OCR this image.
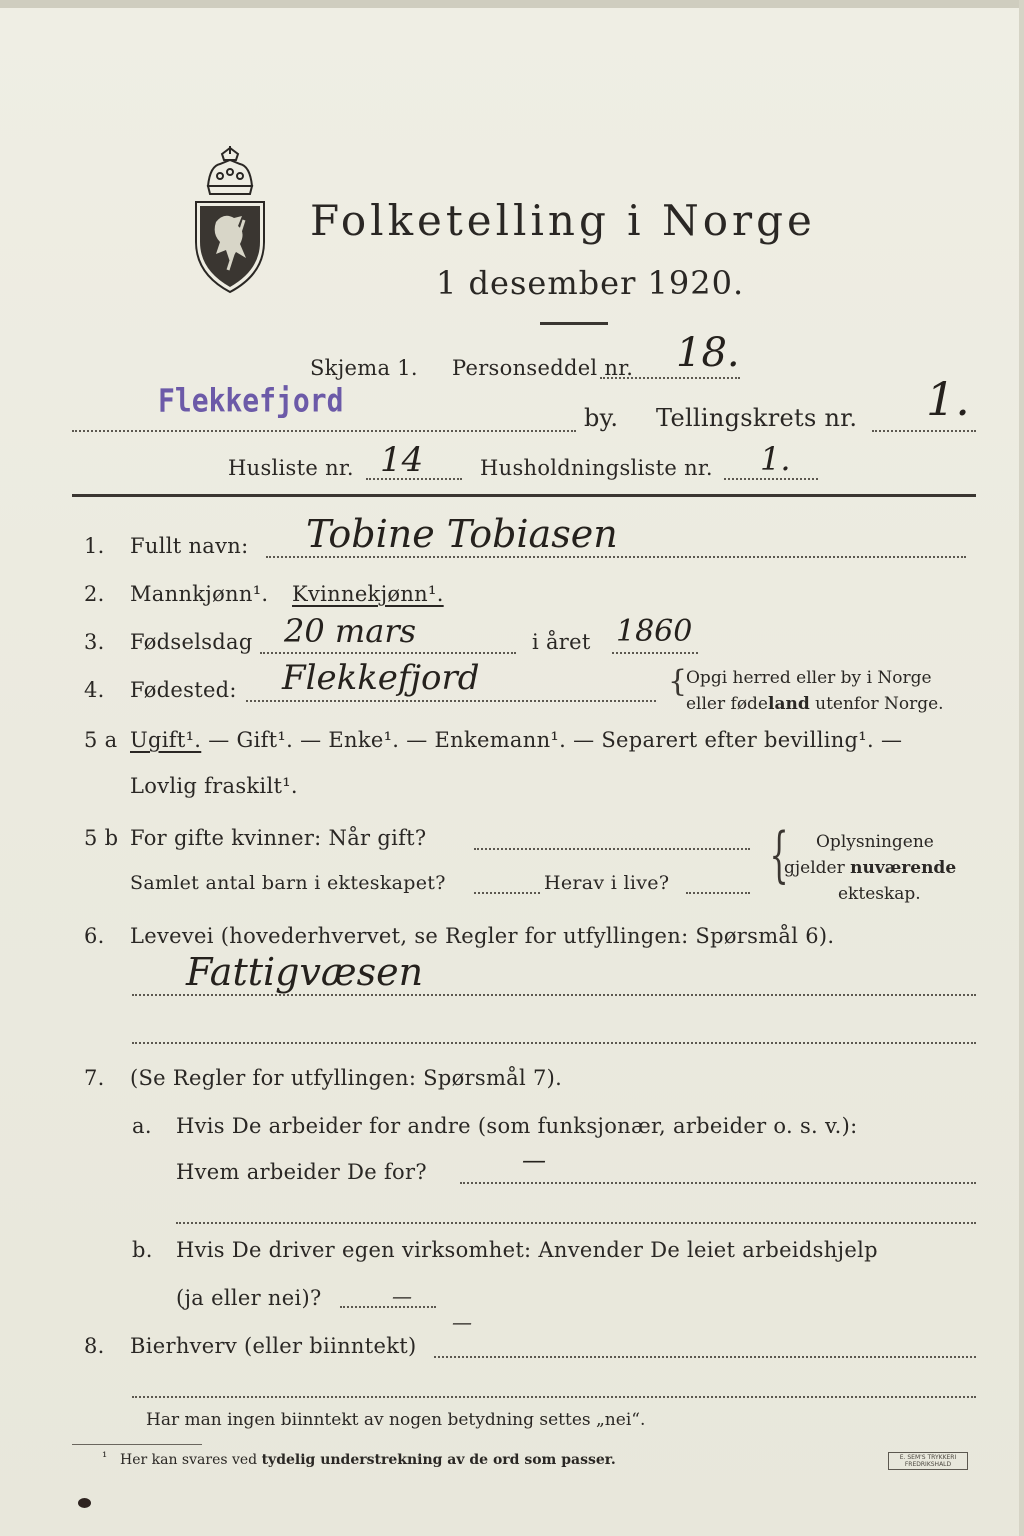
Folketelling i Norge
1 desember 1920.
Skjema 1. Personseddel nr. 18.
Flekkefjord	by. Tellingskrets nr. 1.
Husliste nr. 14	Husholdningsliste nr. 1.
1. Fullt navn: Tobine Tobiasen
2. Mannkjønn¹. Kvinnekjønn¹.
3. Fødselsdag 20 mars	i året 1860
4. Fødested: Flekkefjord	{
Opgi herred eller by i Norge
eller fødeland utenfor Norge.
5 a Ugift¹. — Gift¹. — Enke¹. — Enkemann¹. — Separert efter bevilling¹. —
Lovlig fraskilt¹.
5 b For gifte kvinner: Når gift?
Samlet antal barn i ekteskapet?	Herav i live? { Oplysningene
gjelder nuværende
ekteskap.
6. Levevei (hovederhvervet, se Regler for utfyllingen: Spørsmål 6).
Fattigvæsen
7. (Se Regler for utfyllingen: Spørsmål 7).
a. Hvis De arbeider for andre (som funksjonær, arbeider o. s. v.):
Hvem arbeider De for?	—
b. Hvis De driver egen virksomhet: Anvender De leiet arbeidshjelp
(ja eller nei)?	—
8. Bierhverv (eller biinntekt)
—
Har man ingen biinntekt av nogen betydning settes „nei“.
¹ Her kan svares ved tydelig understrekning av de ord som passer.	E. SEM'S TRYKKERI FREDRIKSHALD
